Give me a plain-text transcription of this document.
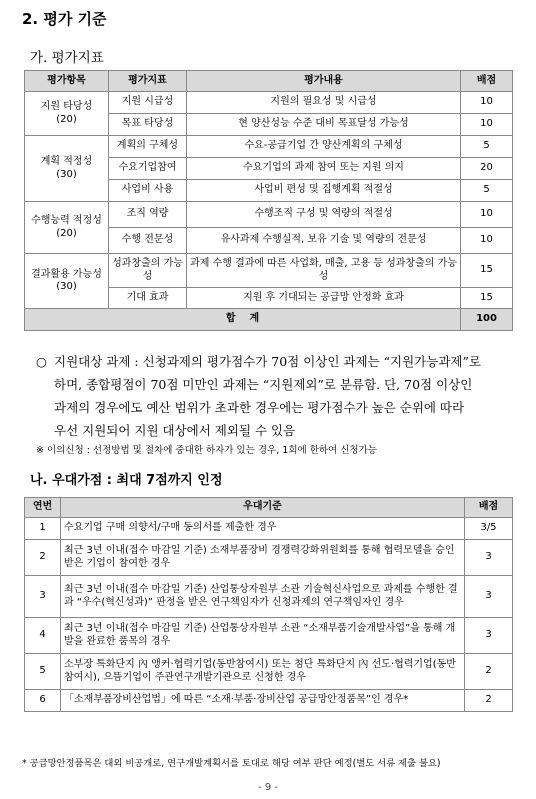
2. 평가 기준
가. 평가지표
평가항목	평가지표	평가내용	배점
지원 타당성
(20)	지원 시급성	지원의 필요성 및 시급성	10
	목표 타당성	현 양산성능 수준 대비 목표달성 가능성	10
계획 적정성
(30)	계획의 구체성	수요-공급기업 간 양산계획의 구체성	5
	수요기업참여	수요기업의 과제 참여 또는 지원 의지	20
	사업비 사용	사업비 편성 및 집행계획 적절성	5
수행능력 적정성
(20)	조직 역량	수행조직 구성 및 역량의 적절성	10
	수행 전문성	유사과제 수행실적, 보유 기술 및 역량의 전문성	10
결과활용 가능성
(30)	성과창출의 가능성	과제 수행 결과에 따른 사업화, 매출, 고용 등 성과창출의 가능성	15
	기대 효과	지원 후 기대되는 공급망 안정화 효과	15
합    계			100
○ 지원대상 과제 : 신청과제의 평가점수가 70점 이상인 과제는 “지원가능과제”로
하며, 종합평점이 70점 미만인 과제는 “지원제외”로 분류함. 단, 70점 이상인
과제의 경우에도 예산 범위가 초과한 경우에는 평가점수가 높은 순위에 따라
우선 지원되어 지원 대상에서 제외될 수 있음
※ 이의신청 : 선정방법 및 절차에 중대한 하자가 있는 경우, 1회에 한하여 신청가능
나. 우대가점 : 최대 7점까지 인정
연번	우대기준	배점
1	수요기업 구매 의향서/구매 동의서를 제출한 경우	3/5
2	최근 3년 이내(접수 마감일 기준) 소재부품장비 경쟁력강화위원회를 통해 협력모델을 승인받은 기업이 참여한 경우	3
3	최근 3년 이내(접수 마감일 기준) 산업통상자원부 소관 기술혁신사업으로 과제를 수행한 결과 “우수(혁신성과)” 판정을 받은 연구책임자가 신청과제의 연구책임자인 경우	3
4	최근 3년 이내(접수 마감일 기준) 산업통상자원부 소관 “소재부품기술개발사업”을 통해 개발을 완료한 품목의 경우	3
5	소부장 특화단지 內 앵커·협력기업(동반참여시) 또는 첨단 특화단지 內 선도·협력기업(동반참여시), 으뜸기업이 주관연구개발기관으로 신청한 경우	2
6	「소재부품장비산업법」에 따른 “소재·부품·장비산업 공급망안정품목”인 경우*	2
* 공급망안정품목은 대외 비공개로, 연구개발계획서를 토대로 해당 여부 판단 예정(별도 서류 제출 불요)
- 9 -
